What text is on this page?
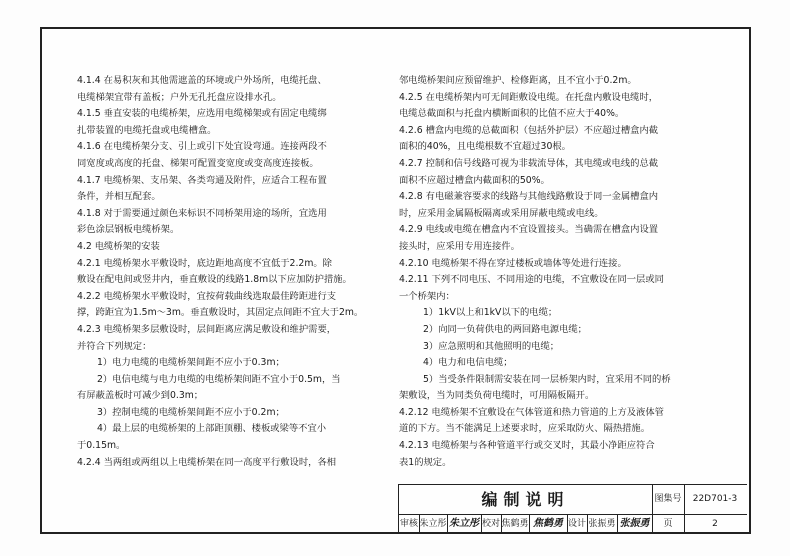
4.1.4 在易积灰和其他需遮盖的环境或户外场所，电缆托盘、

电缆梯架宜带有盖板；户外无孔托盘应设排水孔。

4.1.5 垂直安装的电缆桥架，应选用电缆梯架或有固定电缆绑

扎带装置的电缆托盘或电缆槽盒。

4.1.6 在电缆桥架分支、引上或引下处宜设弯通。连接两段不

同宽度或高度的托盘、梯架可配置变宽度或变高度连接板。

4.1.7 电缆桥架、支吊架、各类弯通及附件，应适合工程布置

条件，并相互配套。

4.1.8 对于需要通过颜色来标识不同桥架用途的场所，宜选用

彩色涂层钢板电缆桥架。

4.2 电缆桥架的安装

4.2.1 电缆桥架水平敷设时，底边距地高度不宜低于2.2m。除

敷设在配电间或竖井内，垂直敷设的线路1.8m以下应加防护措施。

4.2.2 电缆桥架水平敷设时，宜按荷载曲线选取最佳跨距进行支

撑，跨距宜为1.5m～3m。垂直敷设时，其固定点间距不宜大于2m。

4.2.3 电缆桥架多层敷设时，层间距离应满足敷设和维护需要，

并符合下列规定：

1）电力电缆的电缆桥架间距不应小于0.3m；

2）电信电缆与电力电缆的电缆桥架间距不宜小于0.5m，当

有屏蔽盖板时可减少到0.3m；

3）控制电缆的电缆桥架间距不应小于0.2m；

4）最上层的电缆桥架的上部距顶棚、楼板或梁等不宜小

于0.15m。

4.2.4 当两组或两组以上电缆桥架在同一高度平行敷设时，各相

邻电缆桥架间应预留维护、检修距离，且不宜小于0.2m。

4.2.5 在电缆桥架内可无间距敷设电缆。在托盘内敷设电缆时，

电缆总截面积与托盘内横断面积的比值不应大于40%。

4.2.6 槽盒内电缆的总截面积（包括外护层）不应超过槽盒内截

面积的40%，且电缆根数不宜超过30根。

4.2.7 控制和信号线路可视为非载流导体，其电缆或电线的总截

面积不应超过槽盒内截面积的50%。

4.2.8 有电磁兼容要求的线路与其他线路敷设于同一金属槽盒内

时，应采用金属隔板隔离或采用屏蔽电缆或电线。

4.2.9 电线或电缆在槽盒内不宜设置接头。当确需在槽盒内设置

接头时，应采用专用连接件。

4.2.10 电缆桥架不得在穿过楼板或墙体等处进行连接。

4.2.11 下列不同电压、不同用途的电缆，不宜敷设在同一层或同

一个桥架内：

1）1kV以上和1kV以下的电缆；

2）向同一负荷供电的两回路电源电缆；

3）应急照明和其他照明的电缆；

4）电力和电信电缆；

5）当受条件限制需安装在同一层桥架内时，宜采用不同的桥

架敷设，当为同类负荷电缆时，可用隔板隔开。

4.2.12 电缆桥架不宜敷设在气体管道和热力管道的上方及液体管

道的下方。当不能满足上述要求时，应采取防火、隔热措施。

4.2.13 电缆桥架与各种管道平行或交叉时，其最小净距应符合

表1的规定。

编制说明	图集号	22D701-3
审核 朱立彤 朱立彤 校对 焦鹤勇 焦鹤勇 设计 张振勇 张振勇	页	2
